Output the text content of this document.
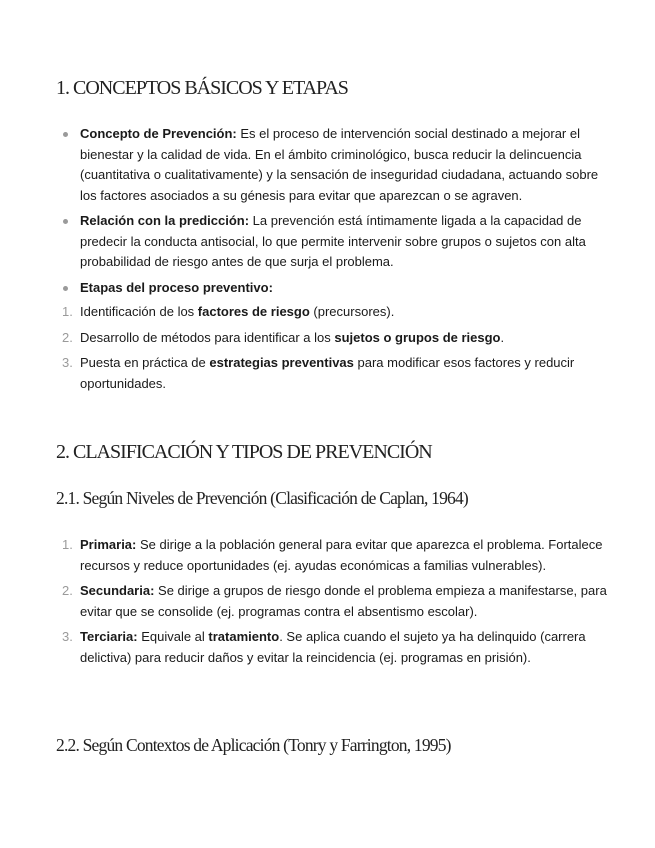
1. CONCEPTOS BÁSICOS Y ETAPAS
Concepto de Prevención: Es el proceso de intervención social destinado a mejorar el bienestar y la calidad de vida. En el ámbito criminológico, busca reducir la delincuencia (cuantitativa o cualitativamente) y la sensación de inseguridad ciudadana, actuando sobre los factores asociados a su génesis para evitar que aparezcan o se agraven.
Relación con la predicción: La prevención está íntimamente ligada a la capacidad de predecir la conducta antisocial, lo que permite intervenir sobre grupos o sujetos con alta probabilidad de riesgo antes de que surja el problema.
Etapas del proceso preventivo:
1. Identificación de los factores de riesgo (precursores).
2. Desarrollo de métodos para identificar a los sujetos o grupos de riesgo.
3. Puesta en práctica de estrategias preventivas para modificar esos factores y reducir oportunidades.
2. CLASIFICACIÓN Y TIPOS DE PREVENCIÓN
2.1. Según Niveles de Prevención (Clasificación de Caplan, 1964)
1. Primaria: Se dirige a la población general para evitar que aparezca el problema. Fortalece recursos y reduce oportunidades (ej. ayudas económicas a familias vulnerables).
2. Secundaria: Se dirige a grupos de riesgo donde el problema empieza a manifestarse, para evitar que se consolide (ej. programas contra el absentismo escolar).
3. Terciaria: Equivale al tratamiento. Se aplica cuando el sujeto ya ha delinquido (carrera delictiva) para reducir daños y evitar la reincidencia (ej. programas en prisión).
2.2. Según Contextos de Aplicación (Tonry y Farrington, 1995)
